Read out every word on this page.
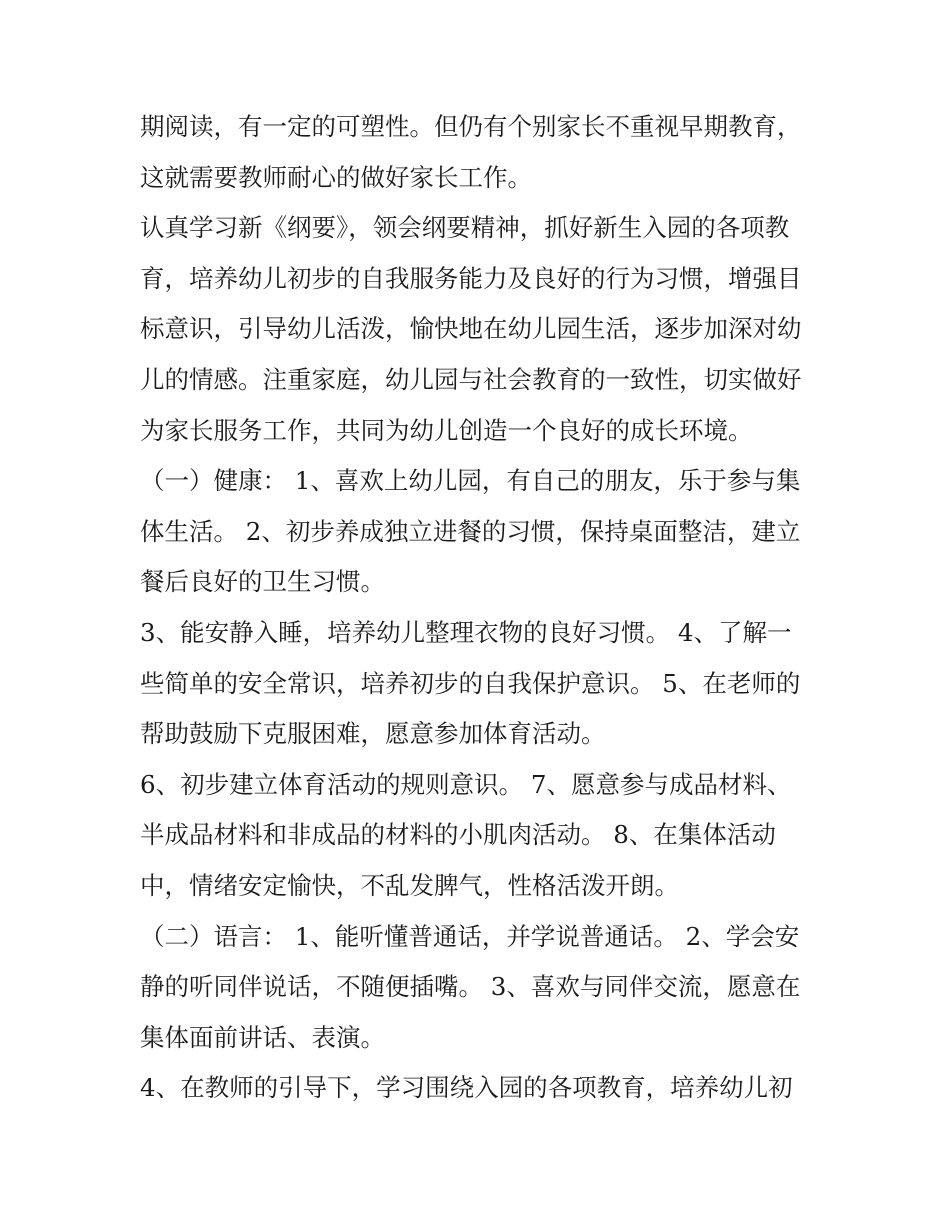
期阅读，有一定的可塑性。但仍有个别家长不重视早期教育，
这就需要教师耐心的做好家长工作。
认真学习新《纲要》，领会纲要精神，抓好新生入园的各项教
育，培养幼儿初步的自我服务能力及良好的行为习惯，增强目
标意识，引导幼儿活泼，愉快地在幼儿园生活，逐步加深对幼
儿的情感。注重家庭，幼儿园与社会教育的一致性，切实做好
为家长服务工作，共同为幼儿创造一个良好的成长环境。
（一）健康： 1、喜欢上幼儿园，有自己的朋友，乐于参与集
体生活。 2、初步养成独立进餐的习惯，保持桌面整洁，建立
餐后良好的卫生习惯。
3、能安静入睡，培养幼儿整理衣物的良好习惯。 4、了解一
些简单的安全常识，培养初步的自我保护意识。 5、在老师的
帮助鼓励下克服困难，愿意参加体育活动。
6、初步建立体育活动的规则意识。 7、愿意参与成品材料、
半成品材料和非成品的材料的小肌肉活动。 8、在集体活动
中，情绪安定愉快，不乱发脾气，性格活泼开朗。
（二）语言： 1、能听懂普通话，并学说普通话。 2、学会安
静的听同伴说话，不随便插嘴。 3、喜欢与同伴交流，愿意在
集体面前讲话、表演。
4、在教师的引导下，学习围绕入园的各项教育，培养幼儿初
